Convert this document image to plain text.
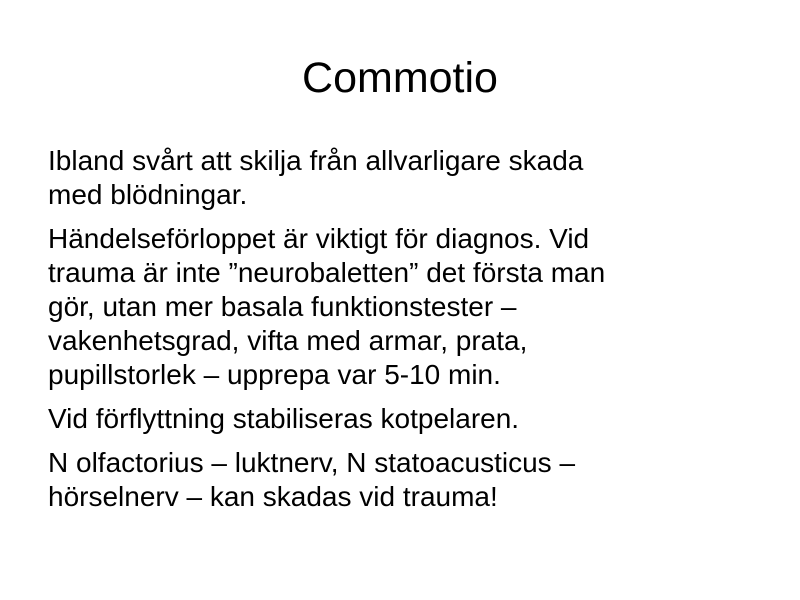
Commotio
Ibland svårt att skilja från allvarligare skada
med blödningar.
Händelseförloppet är viktigt för diagnos. Vid
trauma är inte ”neurobaletten” det första man
gör, utan mer basala funktionstester –
vakenhetsgrad, vifta med armar, prata,
pupillstorlek – upprepa var 5-10 min.
Vid förflyttning stabiliseras kotpelaren.
N olfactorius – luktnerv, N statoacusticus –
hörselnerv – kan skadas vid trauma!
